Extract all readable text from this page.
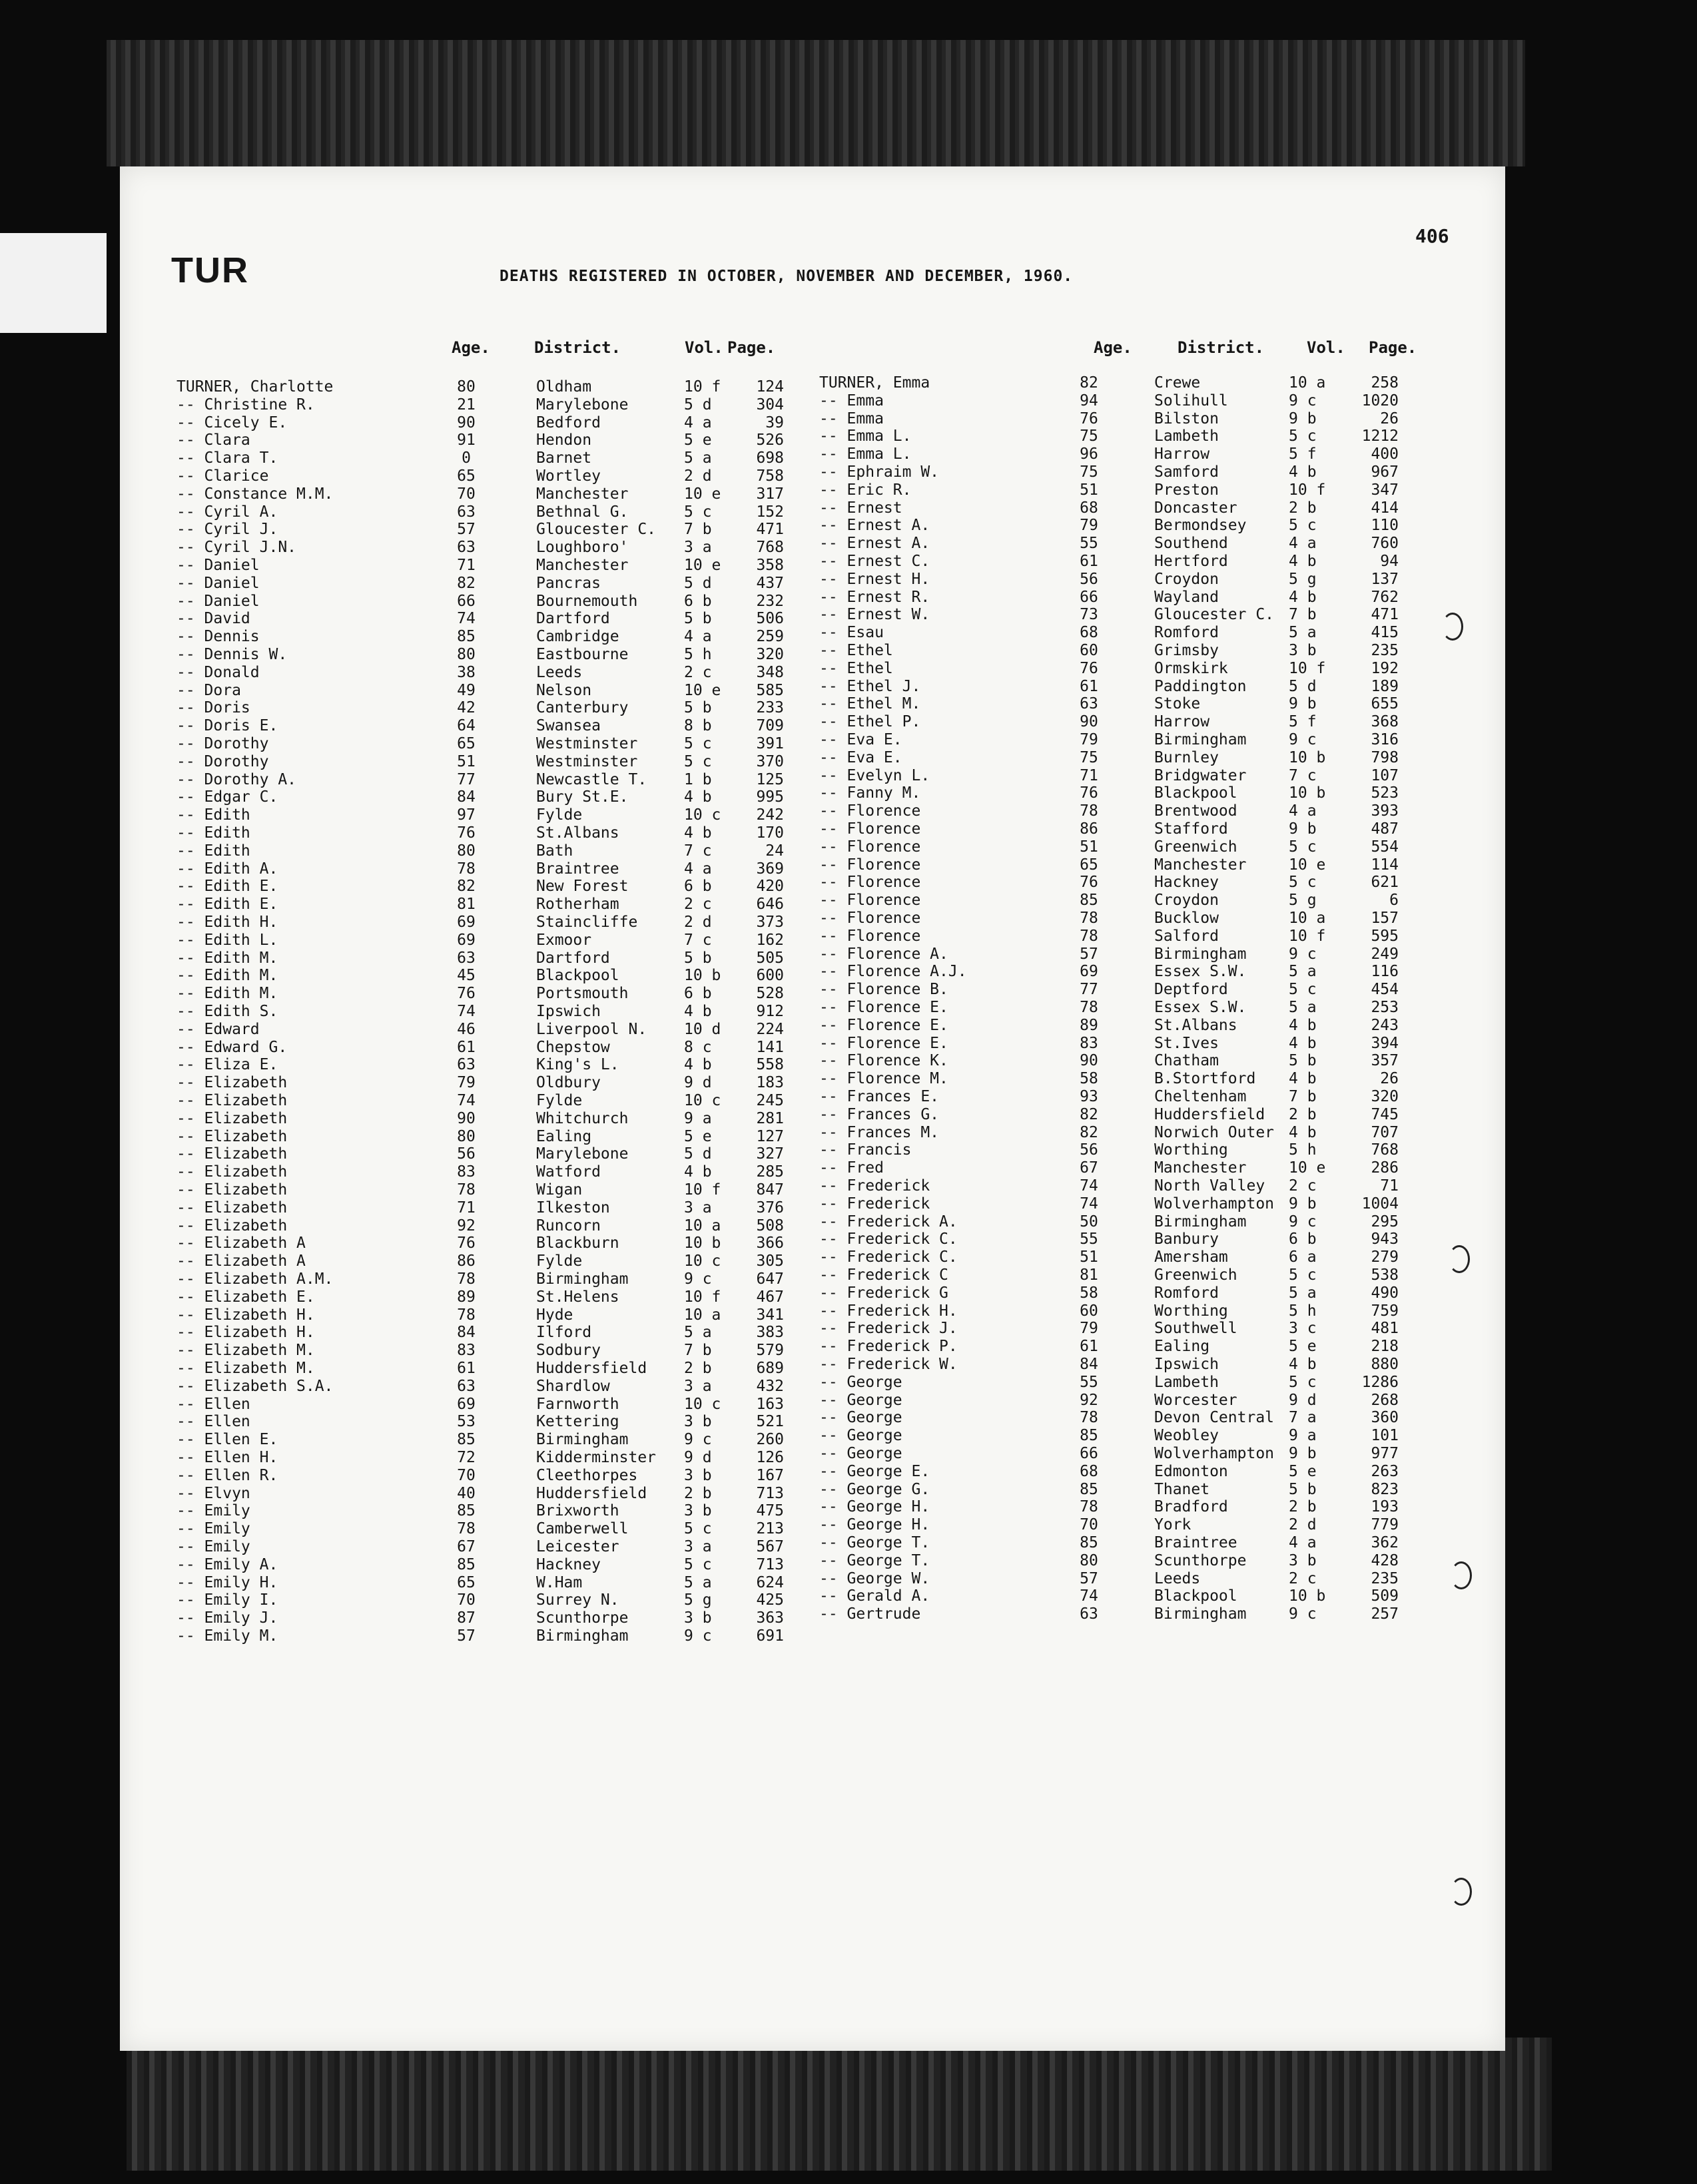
406
TUR	DEATHS REGISTERED IN OCTOBER, NOVEMBER AND DECEMBER, 1960.
Age.	District.	Vol. Page.	Age.	District.	Vol. Page.
TURNER, Charlotte	80	Oldham	10 f	124
-- Christine R.	21	Marylebone	5 d	304
-- Cicely E.	90	Bedford	4 a	39
-- Clara	91	Hendon	5 e	526
-- Clara T.	0	Barnet	5 a	698
-- Clarice	65	Wortley	2 d	758
-- Constance M.M.	70	Manchester	10 e	317
-- Cyril A.	63	Bethnal G.	5 c	152
-- Cyril J.	57	Gloucester C. 7 b	471
-- Cyril J.N.	63	Loughboro'	3 a	768
-- Daniel	71	Manchester	10 e	358
-- Daniel	82	Pancras	5 d	437
-- Daniel	66	Bournemouth	6 b	232
-- David	74	Dartford	5 b	506
-- Dennis	85	Cambridge	4 a	259
-- Dennis W.	80	Eastbourne	5 h	320
-- Donald	38	Leeds	2 c	348
-- Dora	49	Nelson	10 e	585
-- Doris	42	Canterbury	5 b	233
-- Doris E.	64	Swansea	8 b	709
-- Dorothy	65	Westminster	5 c	391
-- Dorothy	51	Westminster	5 c	370
-- Dorothy A.	77	Newcastle T. 1 b	125
-- Edgar C.	84	Bury St.E.	4 b	995
-- Edith	97	Fylde	10 c	242
-- Edith	76	St.Albans	4 b	170
-- Edith	80	Bath	7 c	24
-- Edith A.	78	Braintree	4 a	369
-- Edith E.	82	New Forest	6 b	420
-- Edith E.	81	Rotherham	2 c	646
-- Edith H.	69	Staincliffe	2 d	373
-- Edith L.	69	Exmoor	7 c	162
-- Edith M.	63	Dartford	5 b	505
-- Edith M.	45	Blackpool	10 b	600
-- Edith M.	76	Portsmouth	6 b	528
-- Edith S.	74	Ipswich	4 b	912
-- Edward	46	Liverpool N. 10 d	224
-- Edward G.	61	Chepstow	8 c	141
-- Eliza E.	63	King's L.	4 b	558
-- Elizabeth	79	Oldbury	9 d	183
-- Elizabeth	74	Fylde	10 c	245
-- Elizabeth	90	Whitchurch	9 a	281
-- Elizabeth	80	Ealing	5 e	127
-- Elizabeth	56	Marylebone	5 d	327
-- Elizabeth	83	Watford	4 b	285
-- Elizabeth	78	Wigan	10 f	847
-- Elizabeth	71	Ilkeston	3 a	376
-- Elizabeth	92	Runcorn	10 a	508
-- Elizabeth A	76	Blackburn	10 b	366
-- Elizabeth A	86	Fylde	10 c	305
-- Elizabeth A.M.	78	Birmingham	9 c	647
-- Elizabeth E.	89	St.Helens	10 f	467
-- Elizabeth H.	78	Hyde	10 a	341
-- Elizabeth H.	84	Ilford	5 a	383
-- Elizabeth M.	83	Sodbury	7 b	579
-- Elizabeth M.	61	Huddersfield 2 b	689
-- Elizabeth S.A.	63	Shardlow	3 a	432
-- Ellen	69	Farnworth	10 c	163
-- Ellen	53	Kettering	3 b	521
-- Ellen E.	85	Birmingham	9 c	260
-- Ellen H.	72	Kidderminster 9 d	126
-- Ellen R.	70	Cleethorpes	3 b	167
-- Elvyn	40	Huddersfield 2 b	713
-- Emily	85	Brixworth	3 b	475
-- Emily	78	Camberwell	5 c	213
-- Emily	67	Leicester	3 a	567
-- Emily A.	85	Hackney	5 c	713
-- Emily H.	65	W.Ham	5 a	624
-- Emily I.	70	Surrey N.	5 g	425
-- Emily J.	87	Scunthorpe	3 b	363
-- Emily M.	57	Birmingham	9 c	691
TURNER, Emma	82	Crewe	10 a	258
-- Emma	94	Solihull	9 c	1020
-- Emma	76	Bilston	9 b	26
-- Emma L.	75	Lambeth	5 c	1212
-- Emma L.	96	Harrow	5 f	400
-- Ephraim W.	75	Samford	4 b	967
-- Eric R.	51	Preston	10 f	347
-- Ernest	68	Doncaster	2 b	414
-- Ernest A.	79	Bermondsey	5 c	110
-- Ernest A.	55	Southend	4 a	760
-- Ernest C.	61	Hertford	4 b	94
-- Ernest H.	56	Croydon	5 g	137
-- Ernest R.	66	Wayland	4 b	762
-- Ernest W.	73	Gloucester C. 7 b	471
-- Esau	68	Romford	5 a	415
-- Ethel	60	Grimsby	3 b	235
-- Ethel	76	Ormskirk	10 f	192
-- Ethel J.	61	Paddington	5 d	189
-- Ethel M.	63	Stoke	9 b	655
-- Ethel P.	90	Harrow	5 f	368
-- Eva E.	79	Birmingham	9 c	316
-- Eva E.	75	Burnley	10 b	798
-- Evelyn L.	71	Bridgwater	7 c	107
-- Fanny M.	76	Blackpool	10 b	523
-- Florence	78	Brentwood	4 a	393
-- Florence	86	Stafford	9 b	487
-- Florence	51	Greenwich	5 c	554
-- Florence	65	Manchester	10 e	114
-- Florence	76	Hackney	5 c	621
-- Florence	85	Croydon	5 g	6
-- Florence	78	Bucklow	10 a	157
-- Florence	78	Salford	10 f	595
-- Florence A.	57	Birmingham	9 c	249
-- Florence A.J.	69	Essex S.W.	5 a	116
-- Florence B.	77	Deptford	5 c	454
-- Florence E.	78	Essex S.W.	5 a	253
-- Florence E.	89	St.Albans	4 b	243
-- Florence E.	83	St.Ives	4 b	394
-- Florence K.	90	Chatham	5 b	357
-- Florence M.	58	B.Stortford 4 b	26
-- Frances E.	93	Cheltenham	7 b	320
-- Frances G.	82	Huddersfield 2 b	745
-- Frances M.	82	Norwich Outer 4 b	707
-- Francis	56	Worthing	5 h	768
-- Fred	67	Manchester	10 e	286
-- Frederick	74	North Valley 2 c	71
-- Frederick	74	Wolverhampton 9 b	1004
-- Frederick A.	50	Birmingham	9 c	295
-- Frederick C.	55	Banbury	6 b	943
-- Frederick C.	51	Amersham	6 a	279
-- Frederick C	81	Greenwich	5 c	538
-- Frederick G	58	Romford	5 a	490
-- Frederick H.	60	Worthing	5 h	759
-- Frederick J.	79	Southwell	3 c	481
-- Frederick P.	61	Ealing	5 e	218
-- Frederick W.	84	Ipswich	4 b	880
-- George	55	Lambeth	5 c	1286
-- George	92	Worcester	9 d	268
-- George	78	Devon Central 7 a	360
-- George	85	Weobley	9 a	101
-- George	66	Wolverhampton 9 b	977
-- George E.	68	Edmonton	5 e	263
-- George G.	85	Thanet	5 b	823
-- George H.	78	Bradford	2 b	193
-- George H.	70	York	2 d	779
-- George T.	85	Braintree	4 a	362
-- George T.	80	Scunthorpe	3 b	428
-- George W.	57	Leeds	2 c	235
-- Gerald A.	74	Blackpool	10 b	509
-- Gertrude	63	Birmingham	9 c	257
